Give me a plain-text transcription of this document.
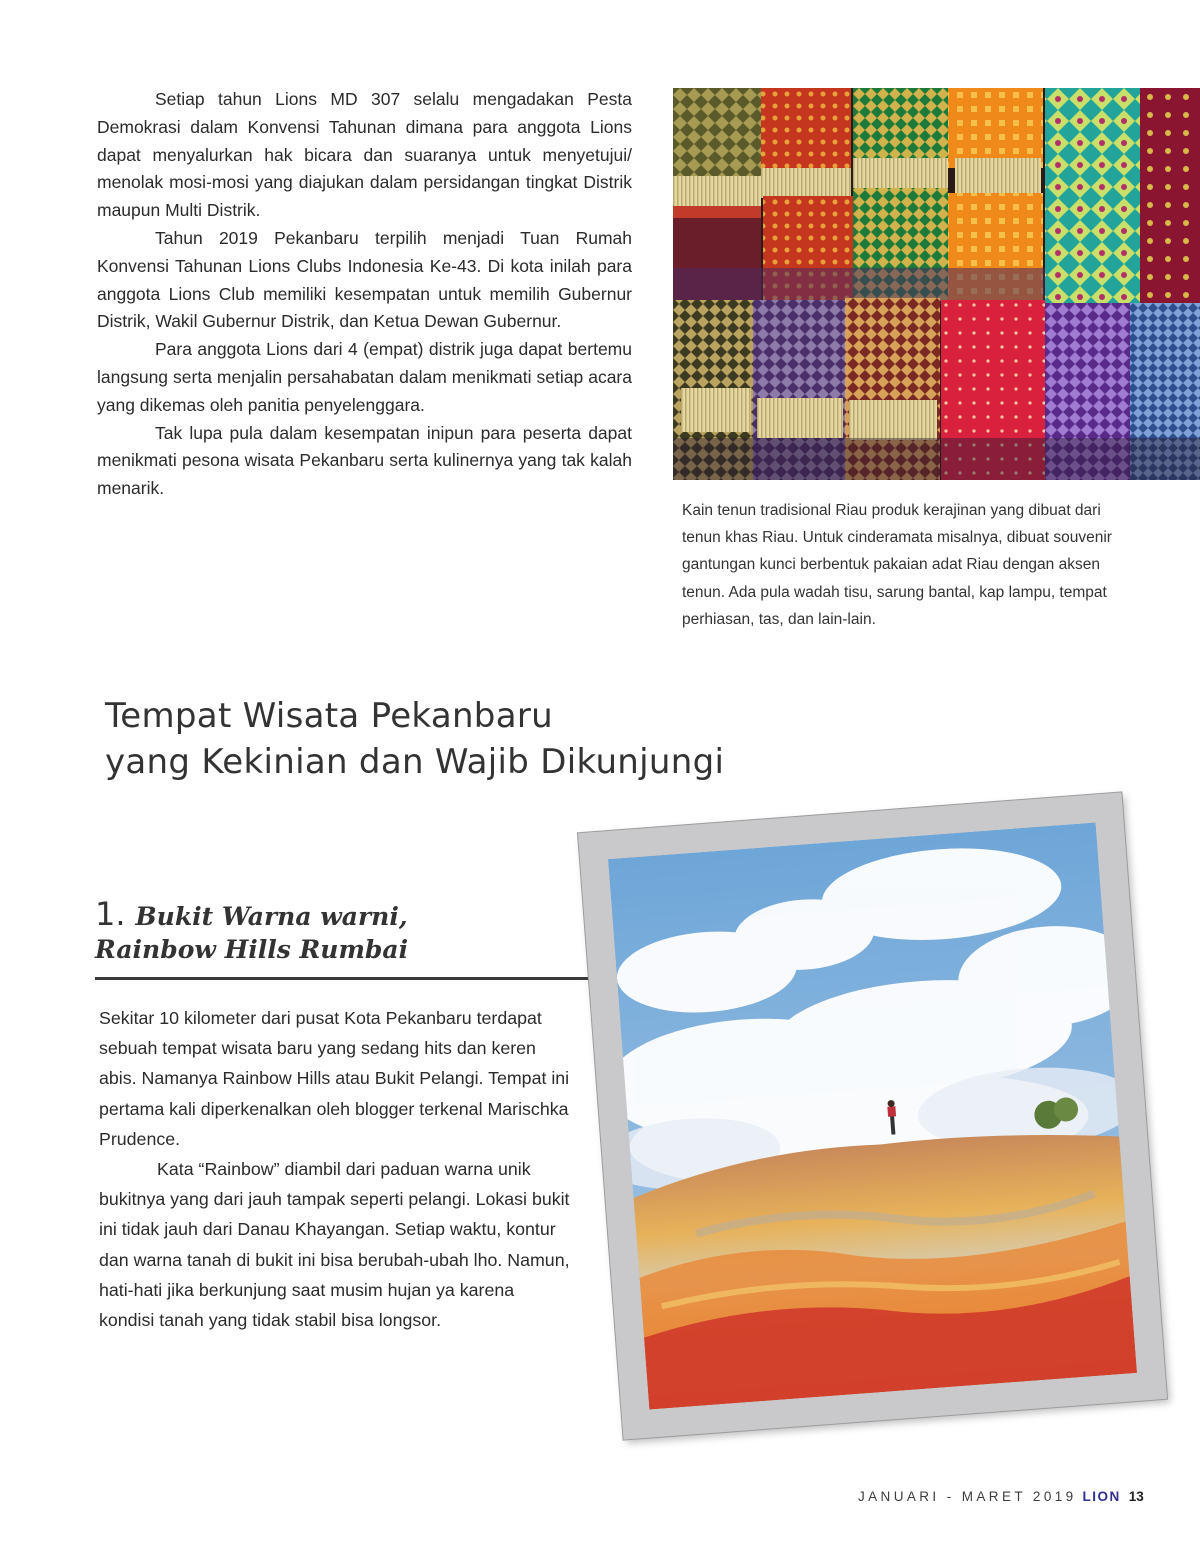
Setiap tahun Lions MD 307 selalu mengadakan Pesta Demokrasi dalam Konvensi Tahunan dimana para anggota Lions dapat menyalurkan hak bicara dan suaranya untuk menyetujui/ menolak mosi-mosi yang diajukan dalam persidangan tingkat Distrik maupun Multi Distrik.

Tahun 2019 Pekanbaru terpilih menjadi Tuan Rumah Konvensi Tahunan Lions Clubs Indonesia Ke-43. Di kota inilah para anggota Lions Club memiliki kesempatan untuk memilih Gubernur Distrik, Wakil Gubernur Distrik, dan Ketua Dewan Gubernur.

Para anggota Lions dari 4 (empat) distrik juga dapat bertemu langsung serta menjalin persahabatan dalam menikmati setiap acara yang dikemas oleh panitia penyelenggara.

Tak lupa pula dalam kesempatan inipun para peserta dapat menikmati pesona wisata Pekanbaru serta kulinernya yang tak kalah menarik.

Kain tenun tradisional Riau produk kerajinan yang dibuat dari tenun khas Riau. Untuk cinderamata misalnya, dibuat souvenir gantungan kunci berbentuk pakaian adat Riau dengan aksen tenun. Ada pula wadah tisu, sarung bantal, kap lampu, tempat perhiasan, tas, dan lain-lain.

Tempat Wisata Pekanbaru
yang Kekinian dan Wajib Dikunjungi
1. Bukit Warna warni,
Rainbow Hills Rumbai

Sekitar 10 kilometer dari pusat Kota Pekanbaru terdapat sebuah tempat wisata baru yang sedang hits dan keren abis. Namanya Rainbow Hills atau Bukit Pelangi. Tempat ini pertama kali diperkenalkan oleh blogger terkenal Marischka Prudence.

Kata “Rainbow” diambil dari paduan warna unik bukitnya yang dari jauh tampak seperti pelangi. Lokasi bukit ini tidak jauh dari Danau Khayangan. Setiap waktu, kontur dan warna tanah di bukit ini bisa berubah-ubah lho. Namun, hati-hati jika berkunjung saat musim hujan ya karena kondisi tanah yang tidak stabil bisa longsor.

JANUARI - MARET 2019 LION 13
